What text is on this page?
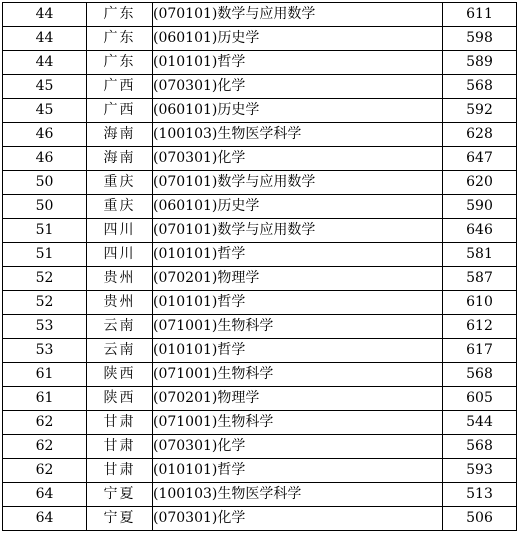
44	广东	(070101)数学与应用数学	611
44	广东	(060101)历史学	598
44	广东	(010101)哲学	589
45	广西	(070301)化学	568
45	广西	(060101)历史学	592
46	海南	(100103)生物医学科学	628
46	海南	(070301)化学	647
50	重庆	(070101)数学与应用数学	620
50	重庆	(060101)历史学	590
51	四川	(070101)数学与应用数学	646
51	四川	(010101)哲学	581
52	贵州	(070201)物理学	587
52	贵州	(010101)哲学	610
53	云南	(071001)生物科学	612
53	云南	(010101)哲学	617
61	陕西	(071001)生物科学	568
61	陕西	(070201)物理学	605
62	甘肃	(071001)生物科学	544
62	甘肃	(070301)化学	568
62	甘肃	(010101)哲学	593
64	宁夏	(100103)生物医学科学	513
64	宁夏	(070301)化学	506
